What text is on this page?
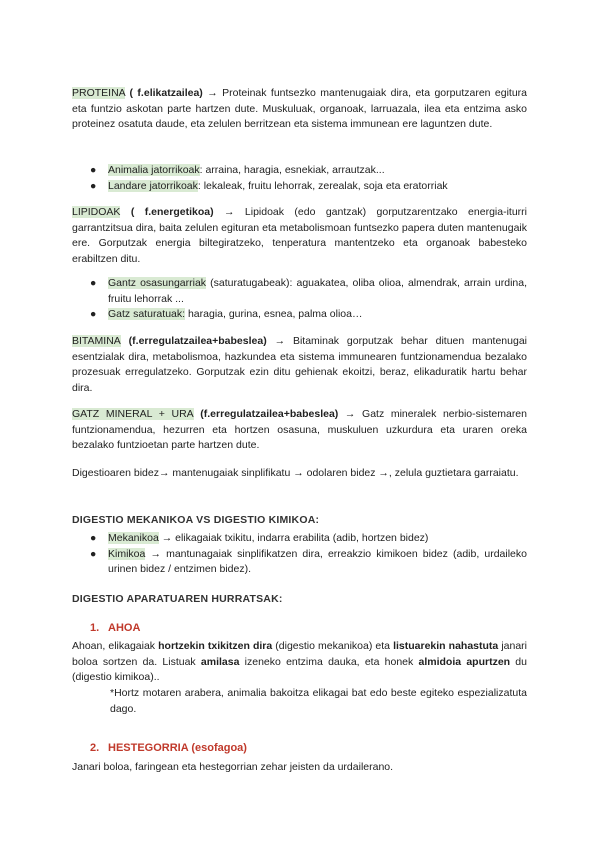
PROTEINA ( f.elikatzailea) → Proteinak funtsezko mantenugaiak dira, eta gorputzaren egitura eta funtzio askotan parte hartzen dute. Muskuluak, organoak, larruazala, ilea eta entzima asko proteinez osatuta daude, eta zelulen berritzean eta sistema immunean ere laguntzen dute.

● Animalia jatorrikoak: arraina, haragia, esnekiak, arrautzak...
● Landare jatorrikoak: lekaleak, fruitu lehorrak, zerealak, soja eta eratorriak

LIPIDOAK ( f.energetikoa) → Lipidoak (edo gantzak) gorputzarentzako energia-iturri garrantzitsua dira, baita zelulen egituran eta metabolismoan funtsezko papera duten mantenugaik ere. Gorputzak energia biltegiratzeko, tenperatura mantentzeko eta organoak babesteko erabiltzen ditu.

● Gantz osasungarriak (saturatugabeak): aguakatea, oliba olioa, almendrak, arrain urdina, fruitu lehorrak ...
● Gatz saturatuak: haragia, gurina, esnea, palma olioa…

BITAMINA (f.erregulatzailea+babeslea) → Bitaminak gorputzak behar dituen mantenugai esentzialak dira, metabolismoa, hazkundea eta sistema immunearen funtzionamendua bezalako prozesuak erregulatzeko. Gorputzak ezin ditu gehienak ekoitzi, beraz, elikaduratik hartu behar dira.

GATZ MINERAL + URA (f.erregulatzailea+babeslea) → Gatz mineralek nerbio-sistemaren funtzionamendua, hezurren eta hortzen osasuna, muskuluen uzkurdura eta uraren oreka bezalako funtzioetan parte hartzen dute.

Digestioaren bidez→ mantenugaiak sinplifikatu → odolaren bidez →, zelula guztietara garraiatu.

DIGESTIO MEKANIKOA VS DIGESTIO KIMIKOA:

● Mekanikoa → elikagaiak txikitu, indarra erabilita (adib, hortzen bidez)
● Kimikoa → mantunagaiak sinplifikatzen dira, erreakzio kimikoen bidez (adib, urdaileko urinen bidez / entzimen bidez).

DIGESTIO APARATUAREN HURRATSAK:

1. AHOA

Ahoan, elikagaiak hortzekin txikitzen dira (digestio mekanikoa) eta listuarekin nahastuta janari boloa sortzen da. Listuak amilasa izeneko entzima dauka, eta honek almidoia apurtzen du (digestio kimikoa)..

*Hortz motaren arabera, animalia bakoitza elikagai bat edo beste egiteko espezializatuta dago.

2. HESTEGORRIA (esofagoa)

Janari boloa, faringean eta hestegorrian zehar jeisten da urdailerano.
